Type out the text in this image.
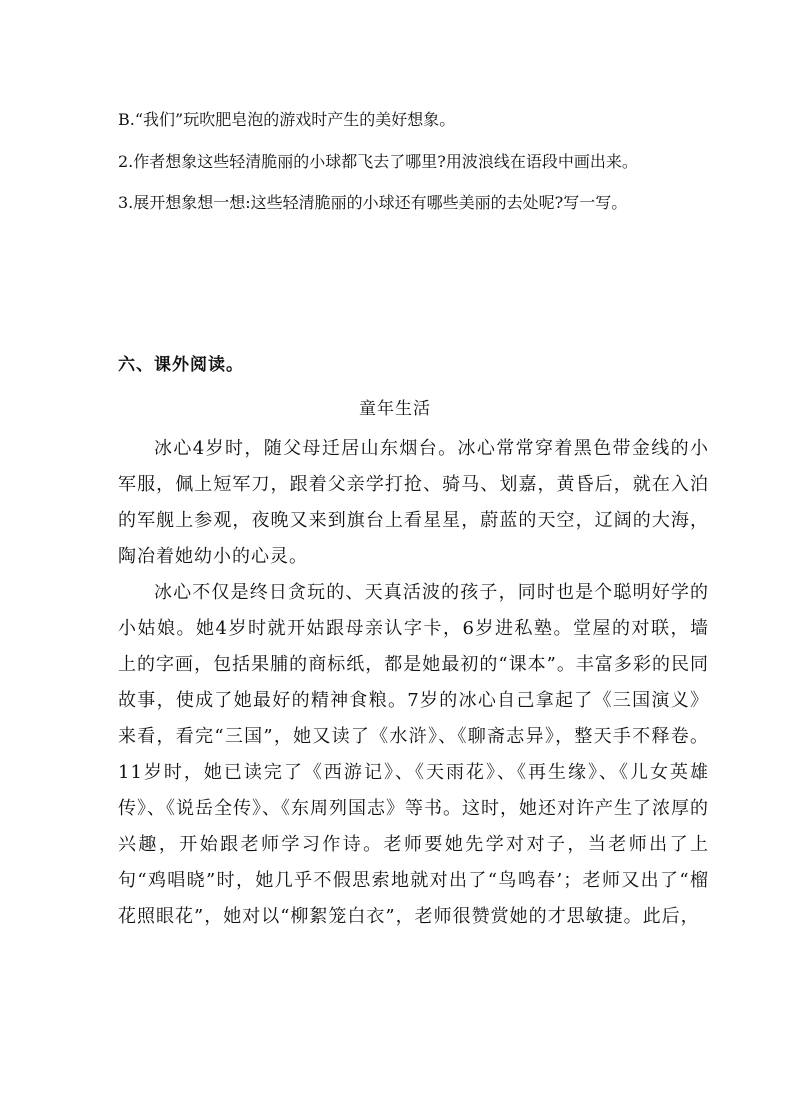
B.“我们”玩吹肥皂泡的游戏时产生的美好想象。
2.作者想象这些轻清脆丽的小球都飞去了哪里?用波浪线在语段中画出来。
3.展开想象想一想:这些轻清脆丽的小球还有哪些美丽的去处呢?写一写。
六、课外阅读。
童年生活

冰心4岁时，随父母迁居山东烟台。冰心常常穿着黑色带金线的小军服，佩上短军刀，跟着父亲学打抢、骑马、划嘉，黄昏后，就在入泊的军舰上参观，夜晚又来到旗台上看星星，蔚蓝的天空，辽阔的大海，陶冶着她幼小的心灵。

冰心不仅是终日贪玩的、天真活波的孩子，同时也是个聪明好学的小姑娘。她4岁时就开姑跟母亲认字卡，6岁进私塾。堂屋的对联，墙上的字画，包括果脯的商标纸，都是她最初的“课本”。丰富多彩的民同故事，使成了她最好的精神食粮。7岁的冰心自己拿起了《三国演义》来看，看完“三国”，她又读了《水浒》、《聊斋志异》，整天手不释卷。11岁时，她已读完了《西游记》、《天雨花》、《再生缘》、《儿女英雄传》、《说岳全传》、《东周列国志》等书。这时，她还对许产生了浓厚的兴趣，开始跟老师学习作诗。老师要她先学对对子，当老师出了上句“鸡唱晓”时，她几乎不假思索地就对出了“鸟鸣春’；老师又出了“榴花照眼花”，她对以“柳絮笼白衣”，老师很赞赏她的才思敏捷。此后，
